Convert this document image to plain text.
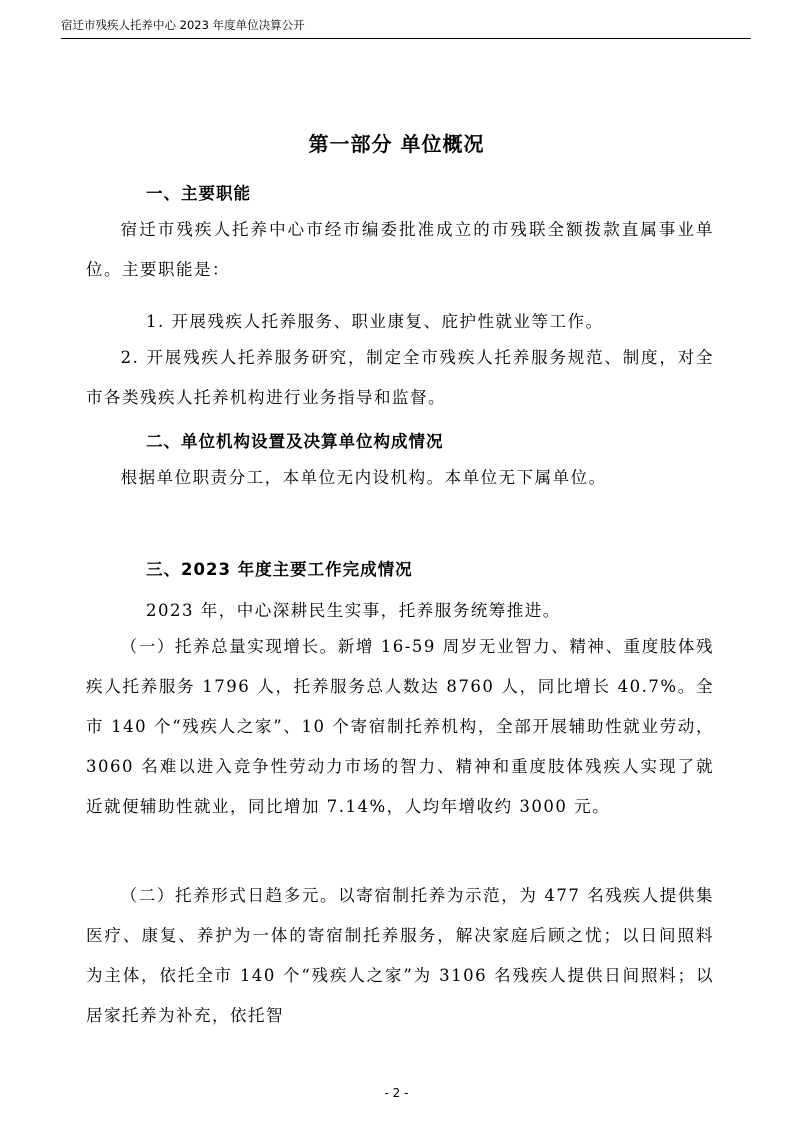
宿迁市残疾人托养中心 2023 年度单位决算公开
第一部分 单位概况
一、主要职能

宿迁市残疾人托养中心市经市编委批准成立的市残联全额拨款直属事业单位。主要职能是：

1. 开展残疾人托养服务、职业康复、庇护性就业等工作。

2. 开展残疾人托养服务研究，制定全市残疾人托养服务规范、制度，对全市各类残疾人托养机构进行业务指导和监督。

二、单位机构设置及决算单位构成情况

根据单位职责分工，本单位无内设机构。本单位无下属单位。

三、2023 年度主要工作完成情况
2023 年，中心深耕民生实事，托养服务统筹推进。

（一）托养总量实现增长。新增 16-59 周岁无业智力、精神、重度肢体残疾人托养服务 1796 人，托养服务总人数达 8760 人，同比增长 40.7%。全市 140 个“残疾人之家”、10 个寄宿制托养机构，全部开展辅助性就业劳动，3060 名难以进入竞争性劳动力市场的智力、精神和重度肢体残疾人实现了就近就便辅助性就业，同比增加 7.14%，人均年增收约 3000 元。

（二）托养形式日趋多元。以寄宿制托养为示范，为 477 名残疾人提供集医疗、康复、养护为一体的寄宿制托养服务，解决家庭后顾之忧；以日间照料为主体，依托全市 140 个“残疾人之家”为 3106 名残疾人提供日间照料；以居家托养为补充，依托智

- 2 -
